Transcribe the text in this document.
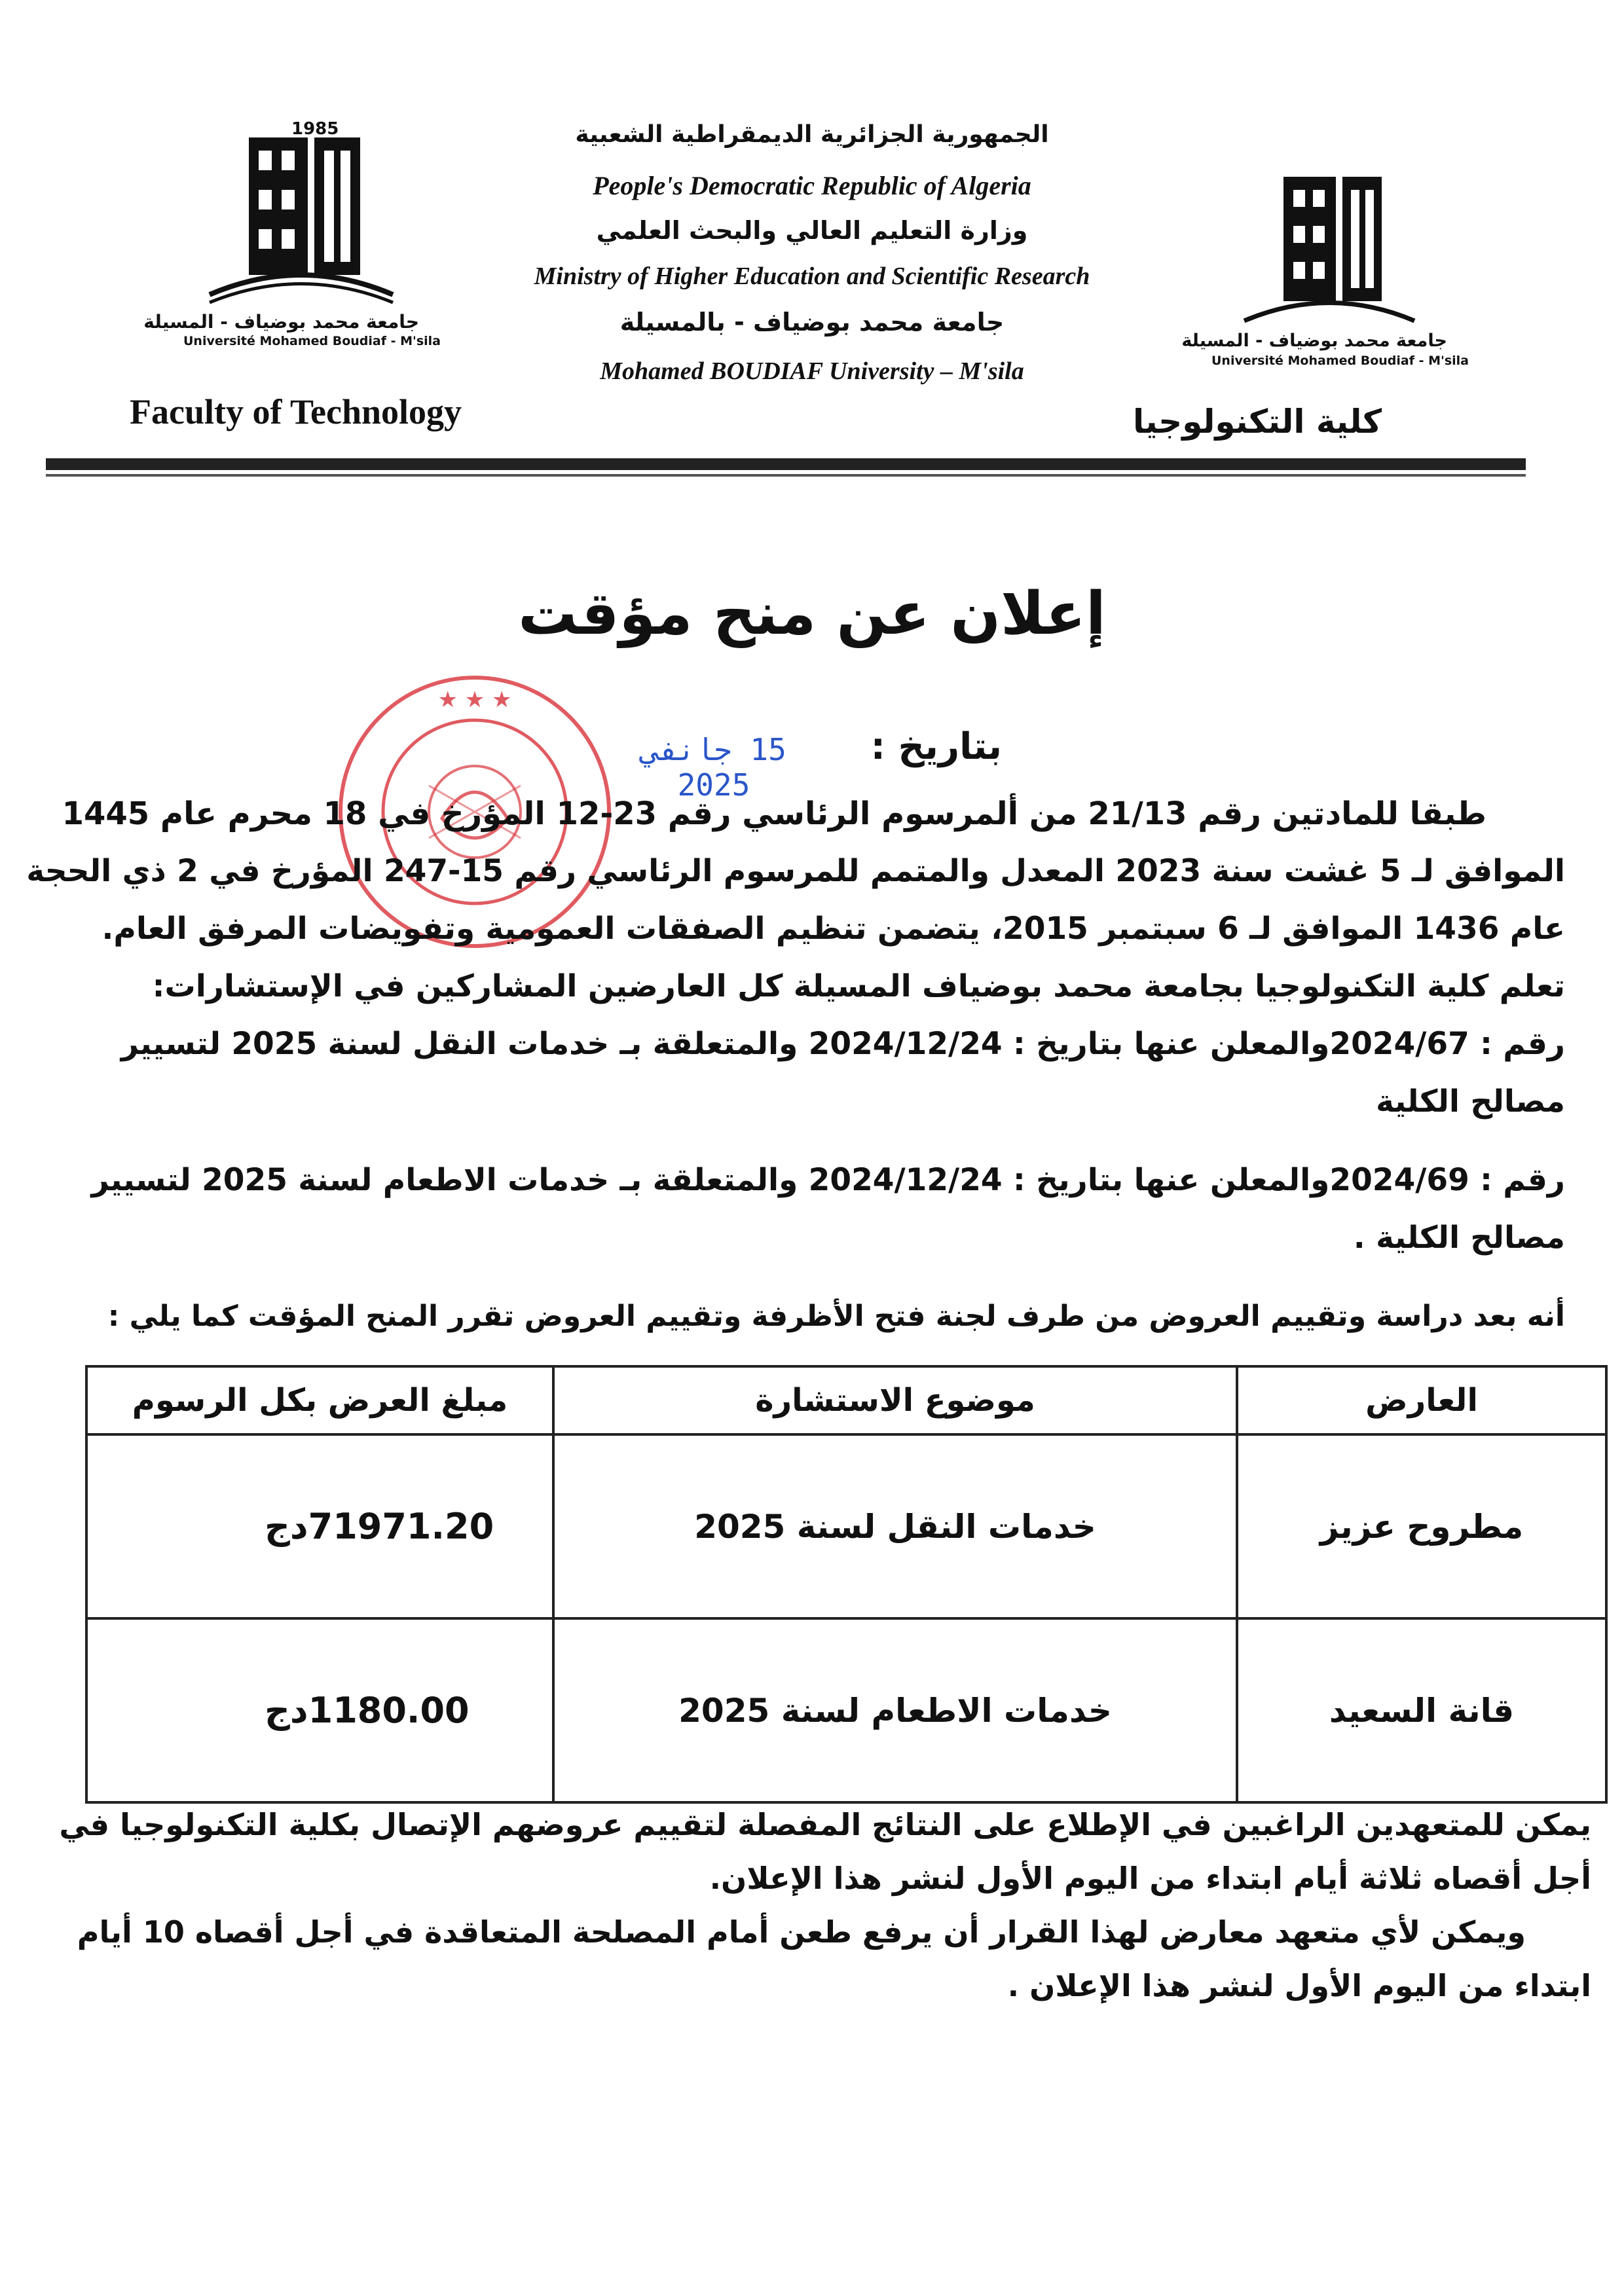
1985
جامعة محمد بوضياف - المسيلة
Université Mohamed Boudiaf - M'sila	جامعة محمد بوضياف - المسيلة
Université Mohamed Boudiaf - M'sila
الجمهورية الجزائرية الديمقراطية الشعبية
People's Democratic Republic of Algeria
وزارة التعليم العالي والبحث العلمي
Ministry of Higher Education and Scientific Research
جامعة محمد بوضياف - بالمسيلة
Mohamed BOUDIAF University – M'sila
Faculty of Technology	كلية التكنولوجيا
إعلان عن منح مؤقت
★ ★ ★
بتاريخ :
15 جانفي 2025
طبقا للمادتين رقم 21/13 من ألمرسوم الرئاسي رقم 23-12 المؤرخ في 18 محرم عام 1445
الموافق لـ 5 غشت سنة 2023 المعدل والمتمم للمرسوم الرئاسي رقم 15-247 المؤرخ في 2 ذي الحجة
عام 1436 الموافق لـ 6 سبتمبر 2015، يتضمن تنظيم الصفقات العمومية وتفويضات المرفق العام.
تعلم كلية التكنولوجيا بجامعة محمد بوضياف المسيلة كل العارضين المشاركين في الإستشارات:
رقم : 2024/67والمعلن عنها بتاريخ : 2024/12/24 والمتعلقة بـ خدمات النقل لسنة 2025 لتسيير
مصالح الكلية
رقم : 2024/69والمعلن عنها بتاريخ : 2024/12/24 والمتعلقة بـ خدمات الاطعام لسنة 2025 لتسيير
مصالح الكلية .
أنه بعد دراسة وتقييم العروض من طرف لجنة فتح الأظرفة وتقييم العروض تقرر المنح المؤقت كما يلي :
العارض	موضوع الاستشارة	مبلغ العرض بكل الرسوم
مطروح عزيز	خدمات النقل لسنة 2025	71971.20دج
قانة السعيد	خدمات الاطعام لسنة 2025	1180.00دج
يمكن للمتعهدين الراغبين في الإطلاع على النتائج المفصلة لتقييم عروضهم الإتصال بكلية التكنولوجيا في
أجل أقصاه ثلاثة أيام ابتداء من اليوم الأول لنشر هذا الإعلان.
ويمكن لأي متعهد معارض لهذا القرار أن يرفع طعن أمام المصلحة المتعاقدة في أجل أقصاه 10 أيام
ابتداء من اليوم الأول لنشر هذا الإعلان .
